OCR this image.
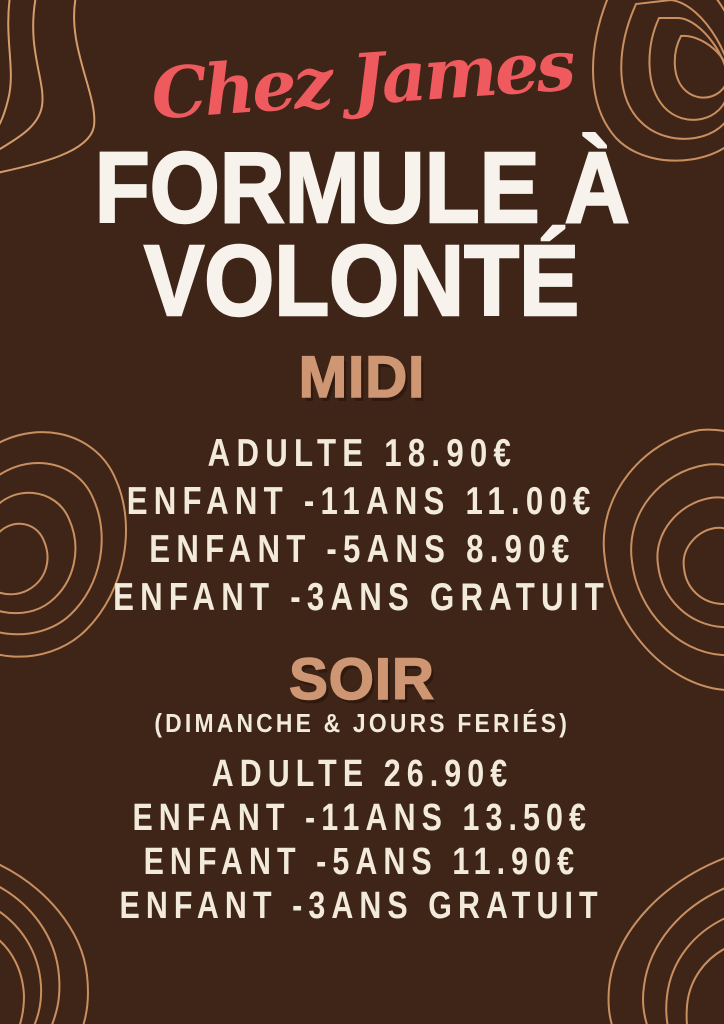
Chez James
FORMULE À
VOLONTÉ
MIDI
ADULTE 18.90€
ENFANT -11ANS 11.00€
ENFANT -5ANS 8.90€
ENFANT -3ANS GRATUIT
SOIR
(DIMANCHE & JOURS FERIÉS)
ADULTE 26.90€
ENFANT -11ANS 13.50€
ENFANT -5ANS 11.90€
ENFANT -3ANS GRATUIT
